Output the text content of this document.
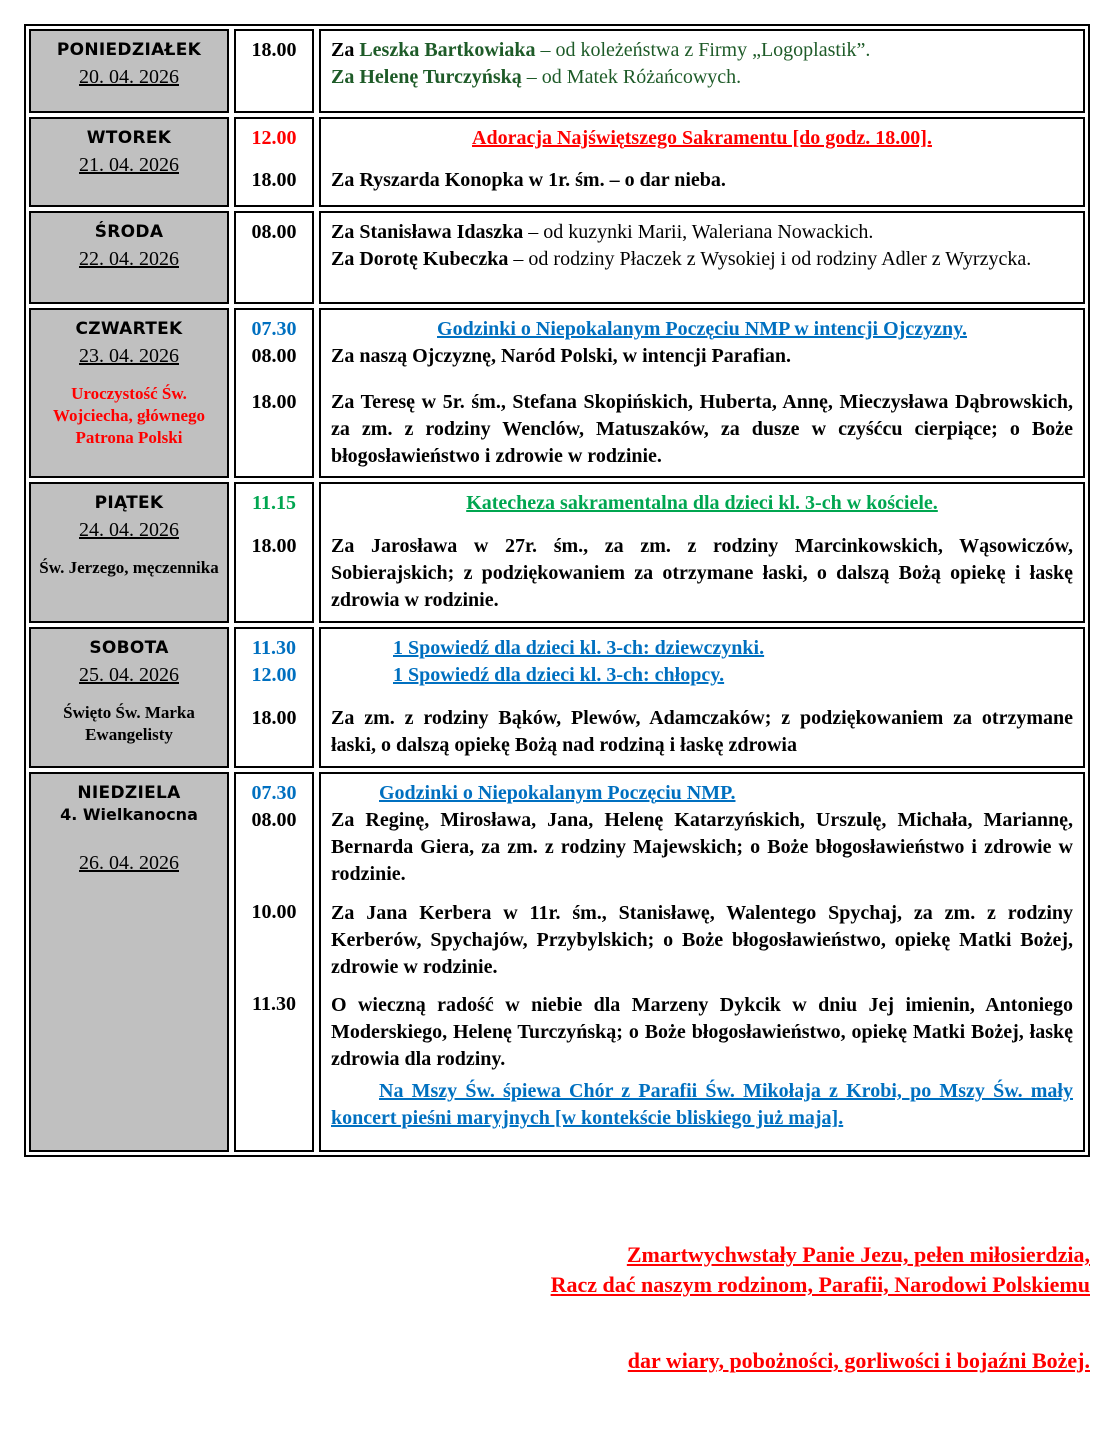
PONIEDZIAŁEK
20. 04. 2026
18.00	Za Leszka Bartkowiaka – od koleżeństwa z Firmy „Logoplastik”.
Za Helenę Turczyńską – od Matek Różańcowych.
WTOREK
21. 04. 2026
12.00
18.00
Adoracja Najświętszego Sakramentu [do godz. 18.00].
Za Ryszarda Konopka w 1r. śm. – o dar nieba.
ŚRODA
22. 04. 2026
08.00	Za Stanisława Idaszka – od kuzynki Marii, Waleriana Nowackich.
Za Dorotę Kubeczka – od rodziny Płaczek z Wysokiej i od rodziny Adler z Wyrzycka.
CZWARTEK
23. 04. 2026
Uroczystość Św. Wojciecha, głównego Patrona Polski
07.30
08.00
18.00
Godzinki o Niepokalanym Poczęciu NMP w intencji Ojczyzny.
Za naszą Ojczyznę, Naród Polski, w intencji Parafian.
Za Teresę w 5r. śm., Stefana Skopińskich, Huberta, Annę, Mieczysława Dąbrowskich, za zm. z rodziny Wenclów, Matuszaków, za dusze w czyśćcu cierpiące; o Boże błogosławieństwo i zdrowie w rodzinie.
PIĄTEK
24. 04. 2026
Św. Jerzego, męczennika
11.15
18.00
Katecheza sakramentalna dla dzieci kl. 3-ch w kościele.
Za Jarosława w 27r. śm., za zm. z rodziny Marcinkowskich, Wąsowiczów, Sobierajskich; z podziękowaniem za otrzymane łaski, o dalszą Bożą opiekę i łaskę zdrowia w rodzinie.
SOBOTA
25. 04. 2026
Święto Św. Marka Ewangelisty
11.30
12.00
18.00
1 Spowiedź dla dzieci kl. 3-ch: dziewczynki.
1 Spowiedź dla dzieci kl. 3-ch: chłopcy.
Za zm. z rodziny Bąków, Plewów, Adamczaków; z podziękowaniem za otrzymane łaski, o dalszą opiekę Bożą nad rodziną i łaskę zdrowia
NIEDZIELA
4. Wielkanocna
26. 04. 2026
07.30
08.00
10.00
11.30
Godzinki o Niepokalanym Poczęciu NMP.
Za Reginę, Mirosława, Jana, Helenę Katarzyńskich, Urszulę, Michała, Mariannę, Bernarda Giera, za zm. z rodziny Majewskich; o Boże błogosławieństwo i zdrowie w rodzinie.
Za Jana Kerbera w 11r. śm., Stanisławę, Walentego Spychaj, za zm. z rodziny Kerberów, Spychajów, Przybylskich; o Boże błogosławieństwo, opiekę Matki Bożej, zdrowie w rodzinie.
O wieczną radość w niebie dla Marzeny Dykcik w dniu Jej imienin, Antoniego Moderskiego, Helenę Turczyńską; o Boże błogosławieństwo, opiekę Matki Bożej, łaskę zdrowia dla rodziny.
Na Mszy Św. śpiewa Chór z Parafii Św. Mikołaja z Krobi, po Mszy Św. mały koncert pieśni maryjnych [w kontekście bliskiego już maja].

Zmartwychwstały Panie Jezu, pełen miłosierdzia,

Racz dać naszym rodzinom, Parafii, Narodowi Polskiemu

dar wiary, pobożności, gorliwości i bojaźni Bożej.
